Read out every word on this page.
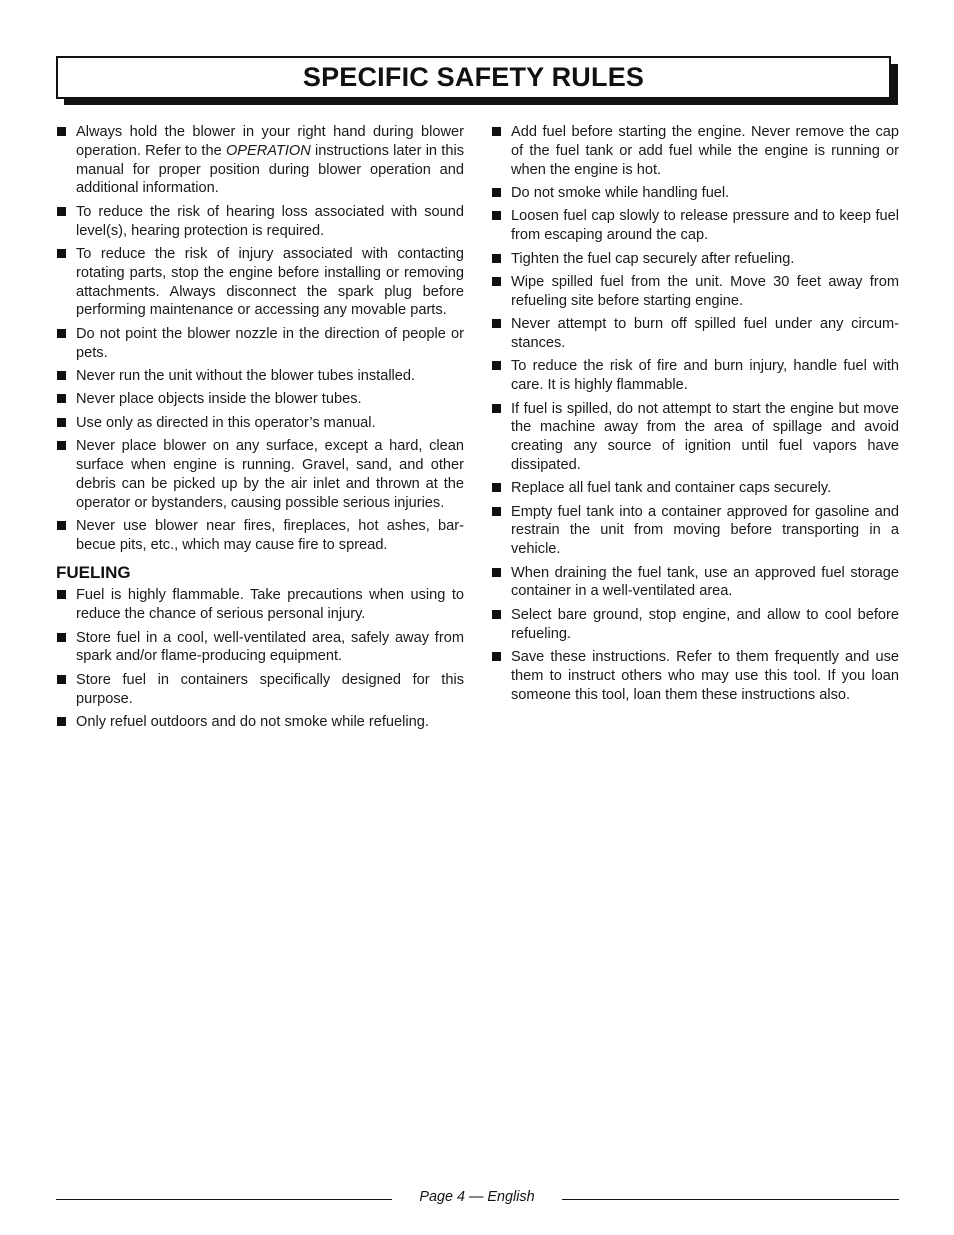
SPECIFIC SAFETY RULES
Always hold the blower in your right hand during blower operation. Refer to the OPERATION instructions later in this manual for proper position during blower operation and additional information.
To reduce the risk of hearing loss associated with sound level(s), hearing protection is required.
To reduce the risk of injury associated with contacting rotating parts, stop the engine before installing or removing attachments. Always disconnect the spark plug before performing maintenance or accessing any movable parts.
Do not point the blower nozzle in the direction of people or pets.
Never run the unit without the blower tubes installed.
Never place objects inside the blower tubes.
Use only as directed in this operator’s manual.
Never place blower on any surface, except a hard, clean surface when engine is running. Gravel, sand, and other debris can be picked up by the air inlet and thrown at the operator or bystanders, causing possible serious injuries.
Never use blower near fires, fireplaces, hot ashes, barbecue pits, etc., which may cause fire to spread.
FUELING
Fuel is highly flammable. Take precautions when using to reduce the chance of serious personal injury.
Store fuel in a cool, well-ventilated area, safely away from spark and/or flame-producing equipment.
Store fuel in containers specifically designed for this purpose.
Only refuel outdoors and do not smoke while refueling.
Add fuel before starting the engine. Never remove the cap of the fuel tank or add fuel while the engine is running or when the engine is hot.
Do not smoke while handling fuel.
Loosen fuel cap slowly to release pressure and to keep fuel from escaping around the cap.
Tighten the fuel cap securely after refueling.
Wipe spilled fuel from the unit. Move 30 feet away from refueling site before starting engine.
Never attempt to burn off spilled fuel under any circumstances.
To reduce the risk of fire and burn injury, handle fuel with care. It is highly flammable.
If fuel is spilled, do not attempt to start the engine but move the machine away from the area of spillage and avoid creating any source of ignition until fuel vapors have dissipated.
Replace all fuel tank and container caps securely.
Empty fuel tank into a container approved for gasoline and restrain the unit from moving before transporting in a vehicle.
When draining the fuel tank, use an approved fuel storage container in a well-ventilated area.
Select bare ground, stop engine, and allow to cool before refueling.
Save these instructions. Refer to them frequently and use them to instruct others who may use this tool. If you loan someone this tool, loan them these instructions also.
Page 4 — English
